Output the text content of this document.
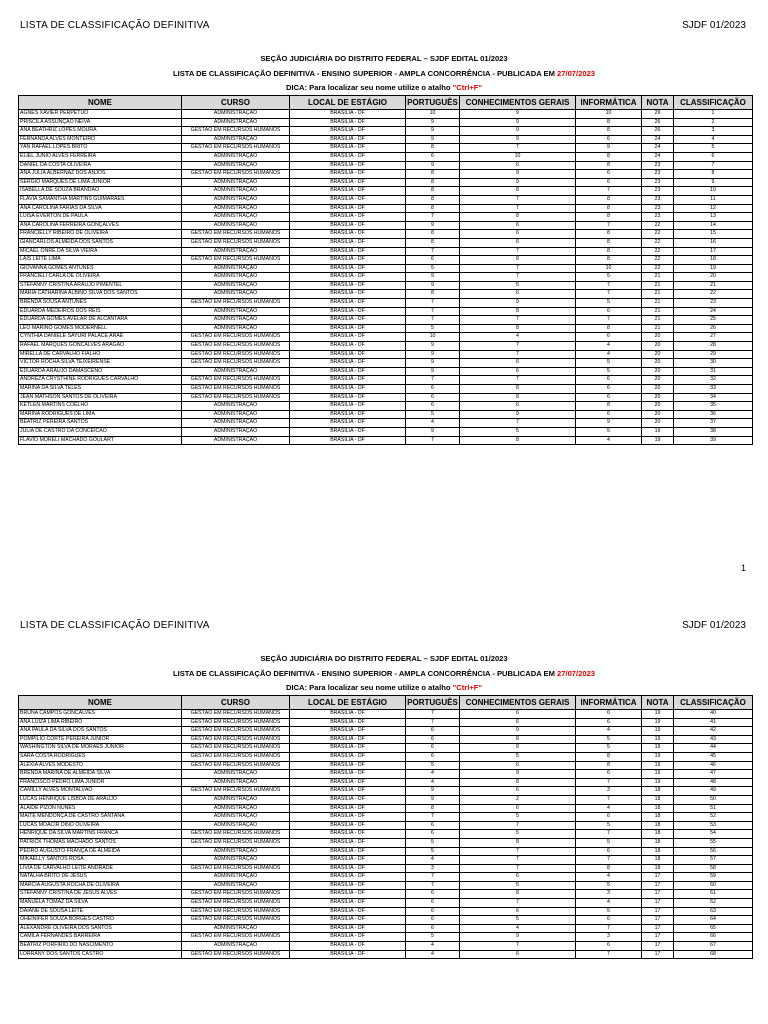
LISTA DE CLASSIFICAÇÃO DEFINITIVA	SJDF 01/2023
SEÇÃO JUDICIÁRIA DO DISTRITO FEDERAL – SJDF EDITAL 01/2023
LISTA DE CLASSIFICAÇÃO DEFINITIVA - ENSINO SUPERIOR - AMPLA CONCORRÊNCIA - PUBLICADA EM 27/07/2023
DICA: Para localizar seu nome utilize o atalho "Ctrl+F"
NOME	CURSO	LOCAL DE ESTÁGIO	PORTUGUÊS	CONHECIMENTOS GERAIS	INFORMÁTICA	NOTA	CLASSIFICAÇÃO
AGNES XAVIER PERPÉTUO	ADMINISTRAÇÃO	BRASÍLIA - DF	10	9	10	29	1
PRISCILA ASSUNÇÃO NEIVA	ADMINISTRAÇÃO	BRASÍLIA - DF	9	9	8	26	2
ANA BEATHRIZ LOPES MOURA	GESTÃO EM RECURSOS HUMANOS	BRASÍLIA - DF	9	9	8	26	3
FERNANDA ALVES MONTEIRO	ADMINISTRAÇÃO	BRASÍLIA - DF	9	9	6	24	4
YAN RAFAEL LOPES BRITO	GESTÃO EM RECURSOS HUMANOS	BRASÍLIA - DF	8	7	9	24	5
ELIEL JÚNIO ALVES FERREIRA	ADMINISTRAÇÃO	BRASÍLIA - DF	6	10	8	24	6
DANIEL DA COSTA OLIVEIRA	ADMINISTRAÇÃO	BRASÍLIA - DF	9	6	8	23	7
ANA JULIA ALBERNAZ DOS ANJOS	GESTÃO EM RECURSOS HUMANOS	BRASÍLIA - DF	8	9	6	23	8
SÉRGIO MARQUES DE LIMA JÚNIOR	ADMINISTRAÇÃO	BRASÍLIA - DF	8	9	6	23	9
ISABELLA DE SOUZA BRANDÃO	ADMINISTRAÇÃO	BRASÍLIA - DF	8	8	7	23	10
FLAVIA SAMANTHA MARTINS GUIMARAES	ADMINISTRAÇÃO	BRASÍLIA - DF	8	7	8	23	11
ANA CAROLINA FARIAS DA SILVA	ADMINISTRAÇÃO	BRASÍLIA - DF	8	7	8	23	12
LUÍSA EVERTON DE PAULA	ADMINISTRAÇÃO	BRASÍLIA - DF	7	8	8	23	13
ANA CAROLINA FERREIRA GONÇALVES	ADMINISTRAÇÃO	BRASÍLIA - DF	9	6	7	22	14
FRANCIELLY RIBEIRO DE OLIVEIRA	GESTÃO EM RECURSOS HUMANOS	BRASÍLIA - DF	8	6	8	22	15
GIANCARLOS ALMEIDA DOS SANTOS	GESTÃO EM RECURSOS HUMANOS	BRASÍLIA - DF	8	6	8	22	16
MICAEL ONRE DA SILVA VIEIRA	ADMINISTRAÇÃO	BRASÍLIA - DF	7	7	8	22	17
LAIS LEITE LIMA	GESTÃO EM RECURSOS HUMANOS	BRASÍLIA - DF	6	8	8	22	18
GIOVANNA GOMES ANTUNES	ADMINISTRAÇÃO	BRASÍLIA - DF	5	7	10	22	19
FRANCIELI CARLA DE OLIVEIRA	ADMINISTRAÇÃO	BRASÍLIA - DF	9	7	5	21	20
STEFANNY CRISTINA ARAUJO PIMENTEL	ADMINISTRAÇÃO	BRASÍLIA - DF	9	5	7	21	21
MARIA CATHARINA ALBINO SILVA DOS SANTOS	ADMINISTRAÇÃO	BRASÍLIA - DF	8	6	7	21	22
BRENDA SOUSA ANTUNES	GESTÃO EM RECURSOS HUMANOS	BRASÍLIA - DF	7	9	5	21	23
EDUARDA MEDEIROS DOS REIS	ADMINISTRAÇÃO	BRASÍLIA - DF	7	8	6	21	24
EDUARDA GOMES AVELAR DE ALCANTARA	ADMINISTRAÇÃO	BRASÍLIA - DF	7	7	7	21	25
LEO MARINO GOMES MODERNELL	ADMINISTRAÇÃO	BRASÍLIA - DF	5	8	8	21	26
CYNTHIA DANIELE SAYURI PALACE ARAE	GESTÃO EM RECURSOS HUMANOS	BRASÍLIA - DF	10	4	6	20	27
RAFAEL MARQUES GONCALVES ARAGAO	GESTÃO EM RECURSOS HUMANOS	BRASÍLIA - DF	9	7	4	20	28
MIRELLA DE CARVALHO FIALHO	GESTÃO EM RECURSOS HUMANOS	BRASÍLIA - DF	9	7	4	20	29
VICTOR ROCHA SILVA TEIXEIRENSE	GESTÃO EM RECURSOS HUMANOS	BRASÍLIA - DF	9	6	5	20	30
EDUARDA ARAUJO DAMASCENO	ADMINISTRAÇÃO	BRASÍLIA - DF	9	6	5	20	31
ANDREZA CRYSTHINE RODRIGUES CARVALHO	GESTÃO EM RECURSOS HUMANOS	BRASÍLIA - DF	7	7	6	20	32
MARINA DA SILVA TELES	GESTÃO EM RECURSOS HUMANOS	BRASÍLIA - DF	6	8	6	20	33
JEAN MATHSON SANTOS DE OLIVEIRA	GESTÃO EM RECURSOS HUMANOS	BRASÍLIA - DF	6	8	6	20	34
KETLEN MARTINS COELHO	ADMINISTRAÇÃO	BRASÍLIA - DF	6	6	8	20	35
MARINA RODRIGUES DE LIMA	ADMINISTRAÇÃO	BRASÍLIA - DF	5	9	6	20	36
BEATRIZ PEREIRA SANTOS	ADMINISTRAÇÃO	BRASÍLIA - DF	4	7	9	20	37
JULIA DE CASTRO DA CONCEICAO	ADMINISTRAÇÃO	BRASÍLIA - DF	9	5	5	19	38
FLAVIO MORELI MACHADO GOULART	ADMINISTRAÇÃO	BRASÍLIA - DF	7	8	4	19	39
1
LISTA DE CLASSIFICAÇÃO DEFINITIVA	SJDF 01/2023
SEÇÃO JUDICIÁRIA DO DISTRITO FEDERAL – SJDF EDITAL 01/2023
LISTA DE CLASSIFICAÇÃO DEFINITIVA - ENSINO SUPERIOR - AMPLA CONCORRÊNCIA - PUBLICADA EM 27/07/2023
DICA: Para localizar seu nome utilize o atalho "Ctrl+F"
NOME	CURSO	LOCAL DE ESTÁGIO	PORTUGUÊS	CONHECIMENTOS GERAIS	INFORMÁTICA	NOTA	CLASSIFICAÇÃO
BRUNA CAMPOS GONCALVES	GESTÃO EM RECURSOS HUMANOS	BRASÍLIA - DF	7	6	6	19	40
ANA LUIZA LIMA RIBEIRO	GESTÃO EM RECURSOS HUMANOS	BRASÍLIA - DF	7	6	6	19	41
ANA PAULA DA SILVA DOS SANTOS	GESTÃO EM RECURSOS HUMANOS	BRASÍLIA - DF	6	9	4	19	42
POMPILIO CORTE PEREIRA JUNIOR	GESTÃO EM RECURSOS HUMANOS	BRASÍLIA - DF	6	8	5	19	43
WASHINGTON SILVA DE MORAES JUNIOR	GESTÃO EM RECURSOS HUMANOS	BRASÍLIA - DF	6	8	5	19	44
SARA COSTA RODRIGUES	GESTÃO EM RECURSOS HUMANOS	BRASÍLIA - DF	6	5	8	19	45
ALEXIA ALVES MODESTO	GESTÃO EM RECURSOS HUMANOS	BRASÍLIA - DF	5	6	8	19	46
BRENDA MARINA DE ALMEIDA SILVA	ADMINISTRAÇÃO	BRASÍLIA - DF	4	9	6	19	47
FRANCISCO PEDRO LIMA JUNIOR	ADMINISTRAÇÃO	BRASÍLIA - DF	4	8	7	19	48
CAMILLY ALVES MONTALVÃO	GESTÃO EM RECURSOS HUMANOS	BRASÍLIA - DF	9	6	3	18	49
LUCAS HENRIQUE LISBOA DE ARAUJO	ADMINISTRAÇÃO	BRASÍLIA - DF	9	2	7	18	50
ALAIDE PIZON NUNES	ADMINISTRAÇÃO	BRASÍLIA - DF	8	6	4	18	51
MAITÊ MENDONÇA DE CASTRO SANTANA	ADMINISTRAÇÃO	BRASÍLIA - DF	7	5	6	18	52
LUCAS MOACIR DINO OLIVEIRA	ADMINISTRAÇÃO	BRASÍLIA - DF	6	7	5	18	53
HENRIQUE DA SILVA MARTINS FRANCA	GESTÃO EM RECURSOS HUMANOS	BRASÍLIA - DF	6	5	7	18	54
PATRICK THOMAS MACHADO SANTOS	GESTÃO EM RECURSOS HUMANOS	BRASÍLIA - DF	5	8	5	18	55
PEDRO AUGUSTO FRANÇA DE ALMEIDA	ADMINISTRAÇÃO	BRASÍLIA - DF	5	7	6	18	56
MIKAELLY SANTOS ROSA	ADMINISTRAÇÃO	BRASÍLIA - DF	4	7	7	18	57
LIVIA DE CARVALHO LEITE ANDRADE	GESTÃO EM RECURSOS HUMANOS	BRASÍLIA - DF	3	7	8	18	58
NATALHA BRITO DE JESUS	ADMINISTRAÇÃO	BRASÍLIA - DF	7	6	4	17	59
MÁRCIA AUGUSTA ROCHA DE OLIVEIRA	ADMINISTRAÇÃO	BRASÍLIA - DF	7	5	5	17	60
STEFANNY CRISTINA DE JESUS ALVES	GESTÃO EM RECURSOS HUMANOS	BRASÍLIA - DF	6	8	3	17	61
MANUELA TOMAZ DA SILVA	GESTÃO EM RECURSOS HUMANOS	BRASÍLIA - DF	6	7	4	17	62
DAIANE DE SOUSA LEITE	GESTÃO EM RECURSOS HUMANOS	BRASÍLIA - DF	6	6	5	17	63
OHEINIFER SOUZA BORGES CASTRO	GESTÃO EM RECURSOS HUMANOS	BRASÍLIA - DF	6	5	6	17	64
ALEXANDRE OLIVEIRA DOS SANTOS	ADMINISTRAÇÃO	BRASÍLIA - DF	6	4	7	17	65
CAMILA FERNANDES BARREIRA	GESTÃO EM RECURSOS HUMANOS	BRASÍLIA - DF	5	9	3	17	66
BEATRIZ PORFÍRIO DO NASCIMENTO	ADMINISTRAÇÃO	BRASÍLIA - DF	4	7	6	17	67
LORRANY DOS SANTOS CASTRO	GESTÃO EM RECURSOS HUMANOS	BRASÍLIA - DF	4	6	7	17	68
